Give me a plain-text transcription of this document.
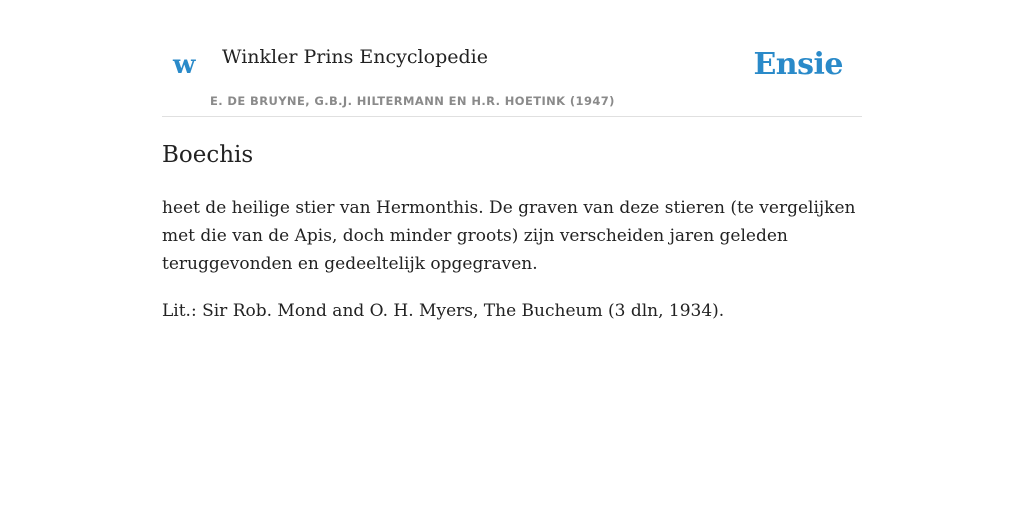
w Winkler Prins Encyclopedie
E. DE BRUYNE, G.B.J. HILTERMANN EN H.R. HOETINK (1947)
Ensie
Boechis

heet de heilige stier van Hermonthis. De graven van deze stieren (te vergelijken met die van de Apis, doch minder groots) zijn verscheiden jaren geleden teruggevonden en gedeeltelijk opgegraven.

Lit.: Sir Rob. Mond and O. H. Myers, The Bucheum (3 dln, 1934).
